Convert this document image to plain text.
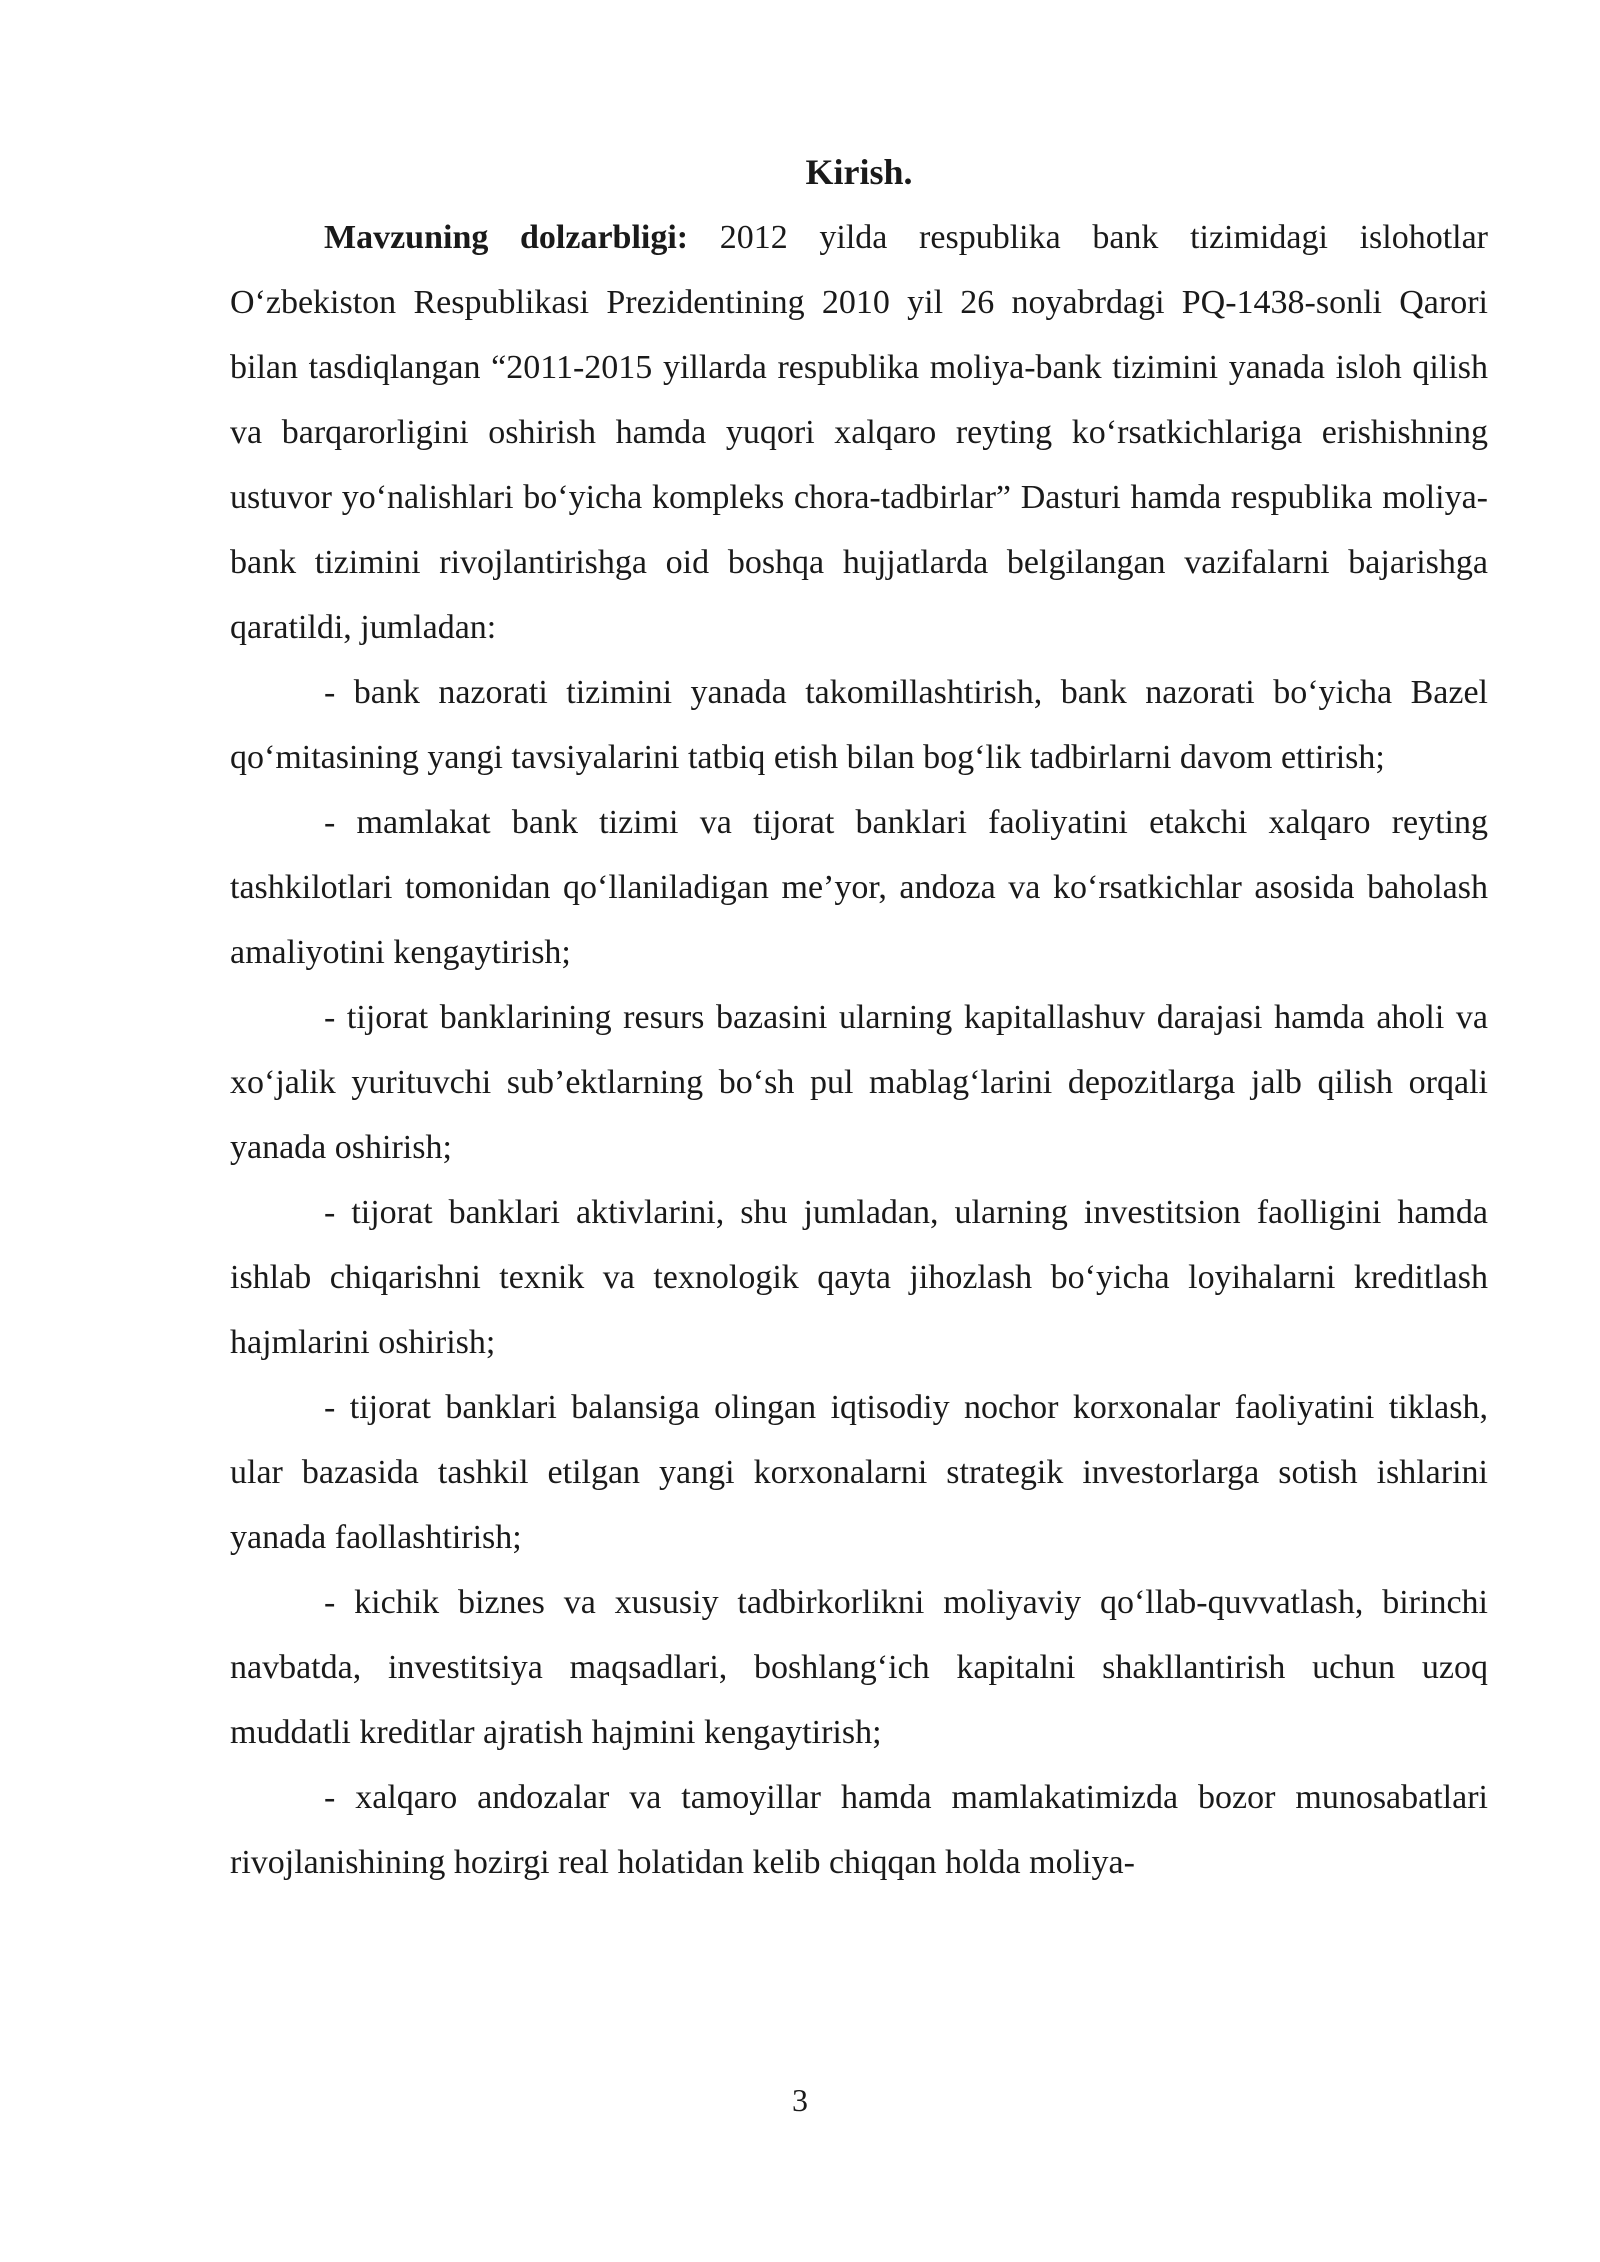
Kirish.

Mavzuning dolzarbligi: 2012 yilda respublika bank tizimidagi islohotlar O‘zbekiston Respublikasi Prezidentining 2010 yil 26 noyabrdagi PQ-1438-sonli Qarori bilan tasdiqlangan “2011-2015 yillarda respublika moliya-bank tizimini yanada isloh qilish va barqarorligini oshirish hamda yuqori xalqaro reyting ko‘rsatkichlariga erishishning ustuvor yo‘nalishlari bo‘yicha kompleks chora-tadbirlar” Dasturi hamda respublika moliya-bank tizimini rivojlantirishga oid boshqa hujjatlarda belgilangan vazifalarni bajarishga qaratildi, jumladan:

- bank nazorati tizimini yanada takomillashtirish, bank nazorati bo‘yicha Bazel qo‘mitasining yangi tavsiyalarini tatbiq etish bilan bog‘lik tadbirlarni davom ettirish;

- mamlakat bank tizimi va tijorat banklari faoliyatini etakchi xalqaro reyting tashkilotlari tomonidan qo‘llaniladigan me’yor, andoza va ko‘rsatkichlar asosida baholash amaliyotini kengaytirish;

- tijorat banklarining resurs bazasini ularning kapitallashuv darajasi hamda aholi va xo‘jalik yurituvchi sub’ektlarning bo‘sh pul mablag‘larini depozitlarga jalb qilish orqali yanada oshirish;

- tijorat banklari aktivlarini, shu jumladan, ularning investitsion faolligini hamda ishlab chiqarishni texnik va texnologik qayta jihozlash bo‘yicha loyihalarni kreditlash hajmlarini oshirish;

- tijorat banklari balansiga olingan iqtisodiy nochor korxonalar faoliyatini tiklash, ular bazasida tashkil etilgan yangi korxonalarni strategik investorlarga sotish ishlarini yanada faollashtirish;

- kichik biznes va xususiy tadbirkorlikni moliyaviy qo‘llab-quvvatlash, birinchi navbatda, investitsiya maqsadlari, boshlang‘ich kapitalni shakllantirish uchun uzoq muddatli kreditlar ajratish hajmini kengaytirish;

- xalqaro andozalar va tamoyillar hamda mamlakatimizda bozor munosabatlari rivojlanishining hozirgi real holatidan kelib chiqqan holda moliya-

3
